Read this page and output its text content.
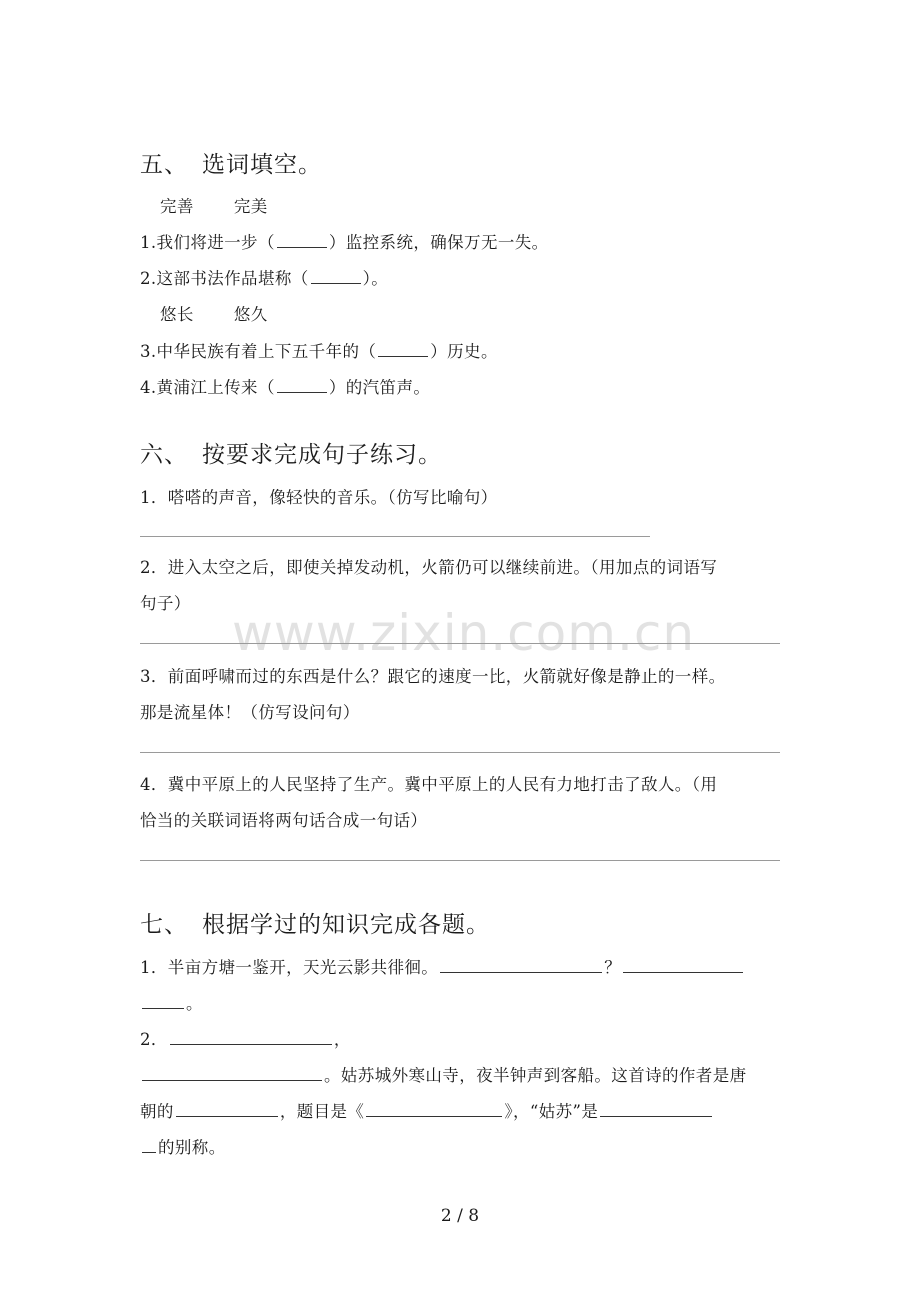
五、 选词填空。
完善 完美
1.我们将进一步（	）监控系统，确保万无一失。
2.这部书法作品堪称（	）。
悠长 悠久
3.中华民族有着上下五千年的（	）历史。
4.黄浦江上传来（	）的汽笛声。
六、 按要求完成句子练习。
1．嗒嗒的声音，像轻快的音乐。（仿写比喻句）
2．进入太空之后，即使关掉发动机，火箭仍可以继续前进。（用加点的词语写
句子）
3．前面呼啸而过的东西是什么？跟它的速度一比，火箭就好像是静止的一样。
那是流星体！（仿写设问句）
4．冀中平原上的人民坚持了生产。冀中平原上的人民有力地打击了敌人。（用
恰当的关联词语将两句话合成一句话）
七、 根据学过的知识完成各题。
1．半亩方塘一鉴开，天光云影共徘徊。	？
。
2．	，
。姑苏城外寒山寺，夜半钟声到客船。这首诗的作者是唐
朝的	，题目是《	》，“姑苏”是
的别称。
www.zixin.com.cn
2 / 8
